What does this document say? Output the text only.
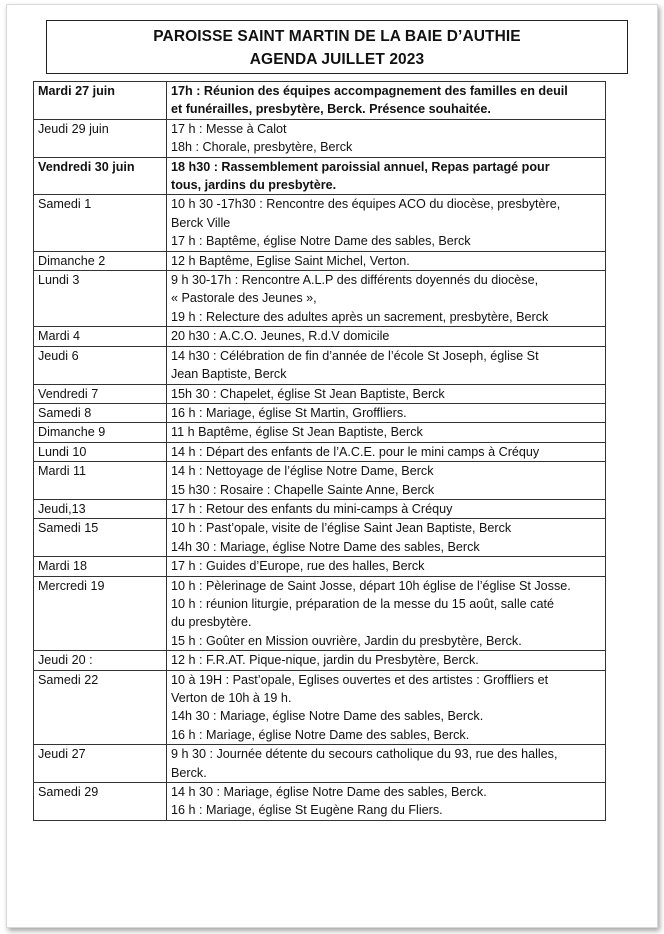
PAROISSE SAINT MARTIN DE LA BAIE D’AUTHIE
AGENDA JUILLET 2023
Mardi 27 juin	17h : Réunion des équipes accompagnement des familles en deuil
et funérailles, presbytère, Berck. Présence souhaitée.

Jeudi 29 juin	17 h : Messe à Calot
18h : Chorale, presbytère, Berck

Vendredi 30 juin	18 h30 : Rassemblement paroissial annuel, Repas partagé pour
tous, jardins du presbytère.

Samedi 1	10 h 30 -17h30 : Rencontre des équipes ACO du diocèse, presbytère,
Berck Ville
17 h : Baptême, église Notre Dame des sables, Berck

Dimanche 2	12 h Baptême, Eglise Saint Michel, Verton.

Lundi 3	9 h 30-17h : Rencontre A.L.P des différents doyennés du diocèse,
« Pastorale des Jeunes »,
19 h : Relecture des adultes après un sacrement, presbytère, Berck

Mardi 4	20 h30 : A.C.O. Jeunes, R.d.V domicile

Jeudi 6	14 h30 : Célébration de fin d’année de l’école St Joseph, église St
Jean Baptiste, Berck

Vendredi 7	15h 30 : Chapelet, église St Jean Baptiste, Berck

Samedi 8	16 h : Mariage, église St Martin, Groffliers.

Dimanche 9	11 h Baptême, église St Jean Baptiste, Berck

Lundi 10	14 h : Départ des enfants de l’A.C.E. pour le mini camps à Créquy

Mardi 11	14 h : Nettoyage de l’église Notre Dame, Berck
15 h30 : Rosaire : Chapelle Sainte Anne, Berck

Jeudi,13	17 h : Retour des enfants du mini-camps à Créquy

Samedi 15	10 h : Past’opale, visite de l’église Saint Jean Baptiste, Berck
14h 30 : Mariage, église Notre Dame des sables, Berck

Mardi 18	17 h : Guides d’Europe, rue des halles, Berck

Mercredi 19	10 h : Pèlerinage de Saint Josse, départ 10h église de l’église St Josse.
10 h : réunion liturgie, préparation de la messe du 15 août, salle caté
du presbytère.
15 h : Goûter en Mission ouvrière, Jardin du presbytère, Berck.

Jeudi 20 :	12 h : F.R.AT. Pique-nique, jardin du Presbytère, Berck.

Samedi 22	10 à 19H : Past’opale, Eglises ouvertes et des artistes : Groffliers et
Verton de 10h à 19 h.
14h 30 : Mariage, église Notre Dame des sables, Berck.
16 h : Mariage, église Notre Dame des sables, Berck.

Jeudi 27	9 h 30 : Journée détente du secours catholique du 93, rue des halles,
Berck.

Samedi 29	14 h 30 : Mariage, église Notre Dame des sables, Berck.
16 h : Mariage, église St Eugène Rang du Fliers.
